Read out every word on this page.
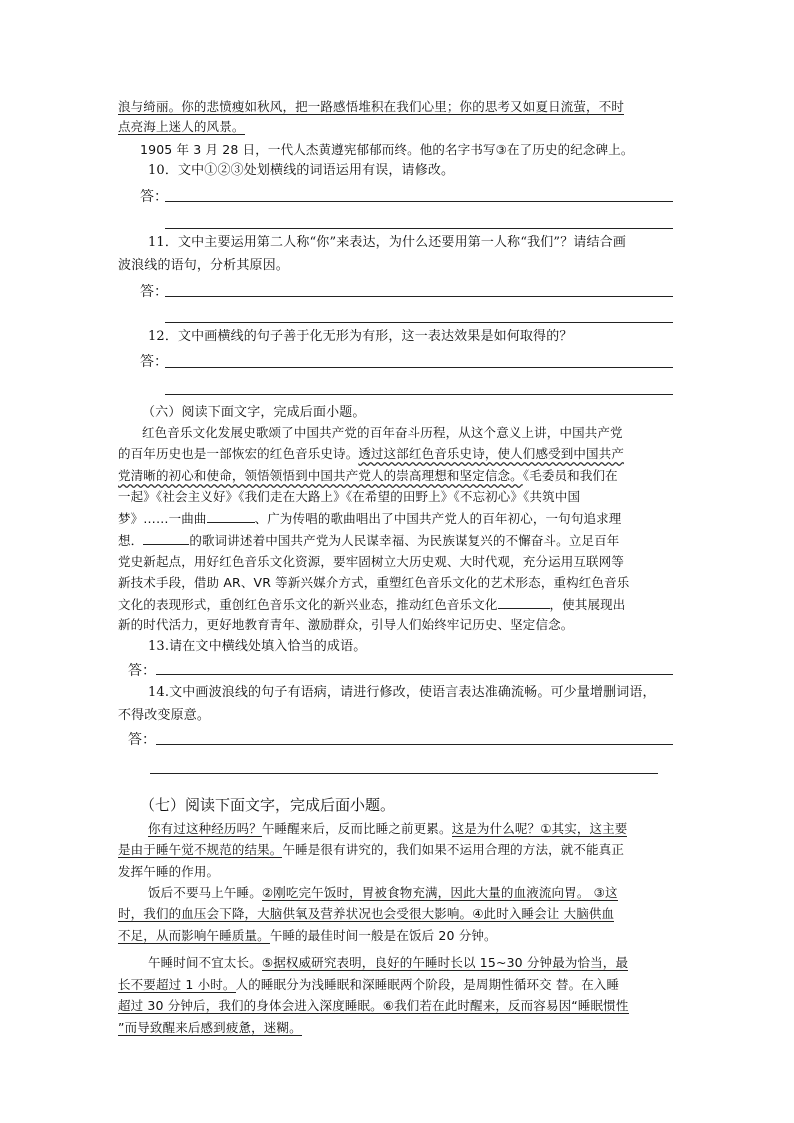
浪与绮丽。你的悲愤瘦如秋风，把一路感悟堆积在我们心里；你的思考又如夏日流萤，不时
点亮海上迷人的风景。
1905 年 3 月 28 日，一代人杰黄遵宪郁郁而终。他的名字书写③在了历史的纪念碑上。
10．文中①②③处划横线的词语运用有误，请修改。
答：
11．文中主要运用第二人称“你”来表达，为什么还要用第一人称“我们”？请结合画
波浪线的语句，分析其原因。
答：
12．文中画横线的句子善于化无形为有形，这一表达效果是如何取得的？
答：
（六）阅读下面文字，完成后面小题。
红色音乐文化发展史歌颂了中国共产党的百年奋斗历程，从这个意义上讲，中国共产党
的百年历史也是一部恢宏的红色音乐史诗。透过这部红色音乐史诗，使人们感受到中国共产
党清晰的初心和使命，领悟领悟到中国共产党人的崇高理想和坚定信念。《毛委员和我们在
一起》《社会主义好》《我们走在大路上》《在希望的田野上》《不忘初心》《共筑中国
梦》……一曲曲	、广为传唱的歌曲唱出了中国共产党人的百年初心，一句句追求理
想．	的歌词讲述着中国共产党为人民谋幸福、为民族谋复兴的不懈奋斗。立足百年
党史新起点，用好红色音乐文化资源，要牢固树立大历史观、大时代观，充分运用互联网等
新技术手段，借助 AR、VR 等新兴媒介方式，重塑红色音乐文化的艺术形态，重构红色音乐
文化的表现形式，重创红色音乐文化的新兴业态，推动红色音乐文化	，使其展现出
新的时代活力，更好地教育青年、激励群众，引导人们始终牢记历史、坚定信念。
13.请在文中横线处填入恰当的成语。
答：
14.文中画波浪线的句子有语病，请进行修改，使语言表达准确流畅。可少量增删词语，
不得改变原意。
答：
（七）阅读下面文字，完成后面小题。
你有过这种经历吗？午睡醒来后，反而比睡之前更累。这是为什么呢？①其实，这主要
是由于睡午觉不规范的结果。午睡是很有讲究的，我们如果不运用合理的方法，就不能真正
发挥午睡的作用。
饭后不要马上午睡。②刚吃完午饭时，胃被食物充满，因此大量的血液流向胃。 ③这
时，我们的血压会下降，大脑供氧及营养状况也会受很大影响。④此时入睡会让 大脑供血
不足，从而影响午睡质量。午睡的最佳时间一般是在饭后 20 分钟。
午睡时间不宜太长。⑤据权威研究表明，良好的午睡时长以 15~30 分钟最为恰当，最
长不要超过 1 小时。人的睡眠分为浅睡眠和深睡眠两个阶段，是周期性循环交 替。在入睡
超过 30 分钟后，我们的身体会进入深度睡眠。⑥我们若在此时醒来，反而容易因“睡眠惯性
”而导致醒来后感到疲惫，迷糊。
